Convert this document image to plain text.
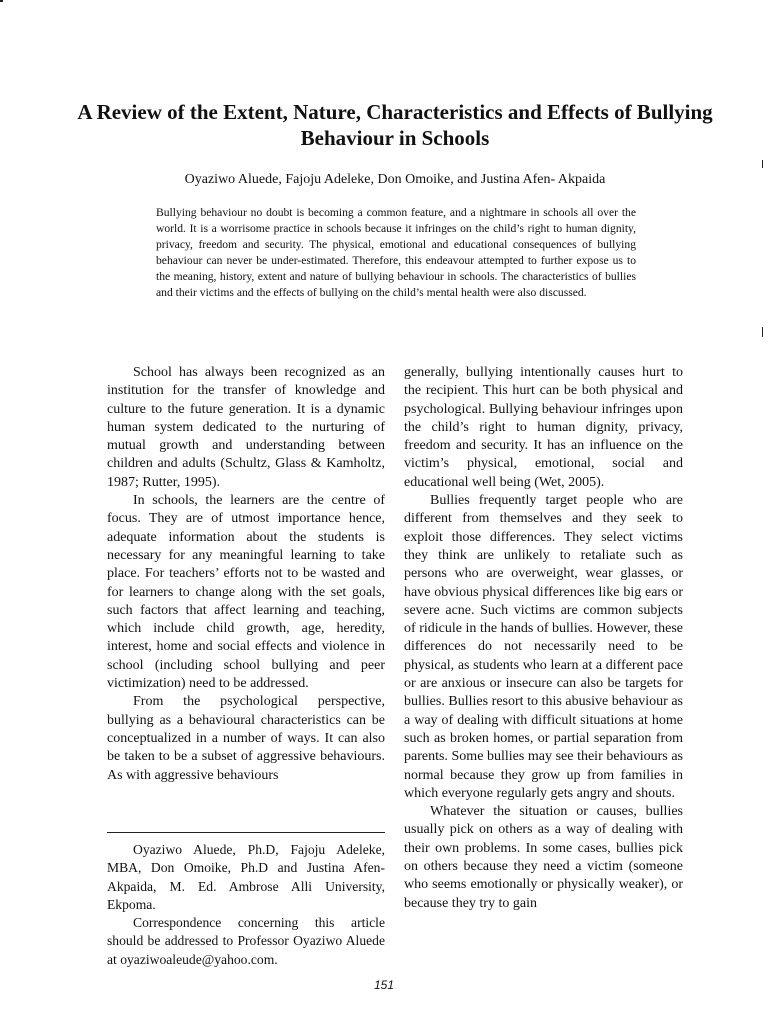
A Review of the Extent, Nature, Characteristics and Effects of Bullying Behaviour in Schools
Oyaziwo Aluede, Fajoju Adeleke, Don Omoike, and Justina Afen- Akpaida
Bullying behaviour no doubt is becoming a common feature, and a nightmare in schools all over the world. It is a worrisome practice in schools because it infringes on the child’s right to human dignity, privacy, freedom and security. The physical, emotional and educational consequences of bullying behaviour can never be under-estimated. Therefore, this endeavour attempted to further expose us to the meaning, history, extent and nature of bullying behaviour in schools. The characteristics of bullies and their victims and the effects of bullying on the child’s mental health were also discussed.

School has always been recognized as an institution for the transfer of knowledge and culture to the future generation. It is a dynamic human system dedicated to the nurturing of mutual growth and understanding between children and adults (Schultz, Glass & Kamholtz, 1987; Rutter, 1995).

In schools, the learners are the centre of focus. They are of utmost importance hence, adequate information about the students is necessary for any meaningful learning to take place. For teachers’ efforts not to be wasted and for learners to change along with the set goals, such factors that affect learning and teaching, which include child growth, age, heredity, interest, home and social effects and violence in school (including school bullying and peer victimization) need to be addressed.

From the psychological perspective, bullying as a behavioural characteristics can be conceptualized in a number of ways. It can also be taken to be a subset of aggressive behaviours. As with aggressive behaviours

generally, bullying intentionally causes hurt to the recipient. This hurt can be both physical and psychological. Bullying behaviour infringes upon the child’s right to human dignity, privacy, freedom and security. It has an influence on the victim’s physical, emotional, social and educational well being (Wet, 2005).

Bullies frequently target people who are different from themselves and they seek to exploit those differences. They select victims they think are unlikely to retaliate such as persons who are overweight, wear glasses, or have obvious physical differences like big ears or severe acne. Such victims are common subjects of ridicule in the hands of bullies. However, these differences do not necessarily need to be physical, as students who learn at a different pace or are anxious or insecure can also be targets for bullies. Bullies resort to this abusive behaviour as a way of dealing with difficult situations at home such as broken homes, or partial separation from parents. Some bullies may see their behaviours as normal because they grow up from families in which everyone regularly gets angry and shouts.

Whatever the situation or causes, bullies usually pick on others as a way of dealing with their own problems. In some cases, bullies pick on others because they need a victim (someone who seems emotionally or physically weaker), or because they try to gain

Oyaziwo Aluede, Ph.D, Fajoju Adeleke, MBA, Don Omoike, Ph.D and Justina Afen-Akpaida, M. Ed. Ambrose Alli University, Ekpoma.

Correspondence concerning this article should be addressed to Professor Oyaziwo Aluede at oyaziwoaleude@yahoo.com.

151
